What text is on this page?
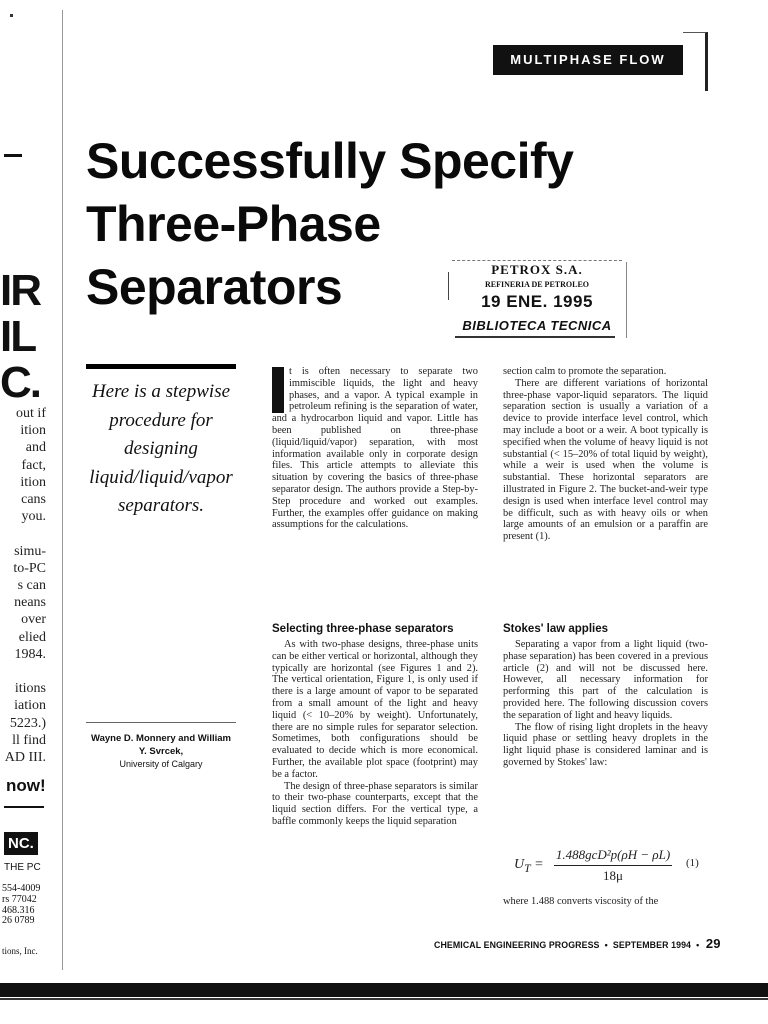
IR
IL
C.
out if
ition
and
fact,
ition
cans
you.

simu-
to-PC
s can
neans
over
elied
1984.

itions
iation
5223.)
ll find
AD III.
now!
NC.
THE PC
554-4009
rs 77042
468.316
26 0789
tions, Inc.
MULTIPHASE FLOW
Successfully Specify
Three-Phase
Separators	PETROX S.A.
REFINERIA DE PETROLEO
19 ENE. 1995
BIBLIOTECA TECNICA
Here is a stepwise procedure for designing liquid/liquid/vapor separators.
Wayne D. Monnery and William Y. Svrcek,
University of Calgary

I t is often necessary to separate two immiscible liquids, the light and heavy phases, and a vapor. A typical example in petroleum refining is the separation of water, and a hydrocarbon liquid and vapor. Little has been published on three-phase (liquid/liquid/vapor) separation, with most information available only in corporate design files. This article attempts to alleviate this situation by covering the basics of three-phase separator design. The authors provide a Step-by-Step procedure and worked out examples. Further, the examples offer guidance on making assumptions for the calculations.

Selecting three-phase separators

As with two-phase designs, three-phase units can be either vertical or horizontal, although they typically are horizontal (see Figures 1 and 2). The vertical orientation, Figure 1, is only used if there is a large amount of vapor to be separated from a small amount of the light and heavy liquid (< 10–20% by weight). Unfortunately, there are no simple rules for separator selection. Sometimes, both configurations should be evaluated to decide which is more economical. Further, the available plot space (footprint) may be a factor.

The design of three-phase separators is similar to their two-phase counterparts, except that the liquid section differs. For the vertical type, a baffle commonly keeps the liquid separation

section calm to promote the separation.

There are different variations of horizontal three-phase vapor-liquid separators. The liquid separation section is usually a variation of a device to provide interface level control, which may include a boot or a weir. A boot typically is specified when the volume of heavy liquid is not substantial (< 15–20% of total liquid by weight), while a weir is used when the volume is substantial. These horizontal separators are illustrated in Figure 2. The bucket-and-weir type design is used when interface level control may be difficult, such as with heavy oils or when large amounts of an emulsion or a paraffin are present (1).

Stokes' law applies

Separating a vapor from a light liquid (two-phase separation) has been covered in a previous article (2) and will not be discussed here. However, all necessary information for performing this part of the calculation is provided here. The following discussion covers the separation of light and heavy liquids.

The flow of rising light droplets in the heavy liquid phase or settling heavy droplets in the light liquid phase is considered laminar and is governed by Stokes' law:

$U_T$ =
1.488gcD²p(ρH − ρL)
18μ
(1)

where 1.488 converts viscosity of the

CHEMICAL ENGINEERING PROGRESS  •  SEPTEMBER 1994  • 29
